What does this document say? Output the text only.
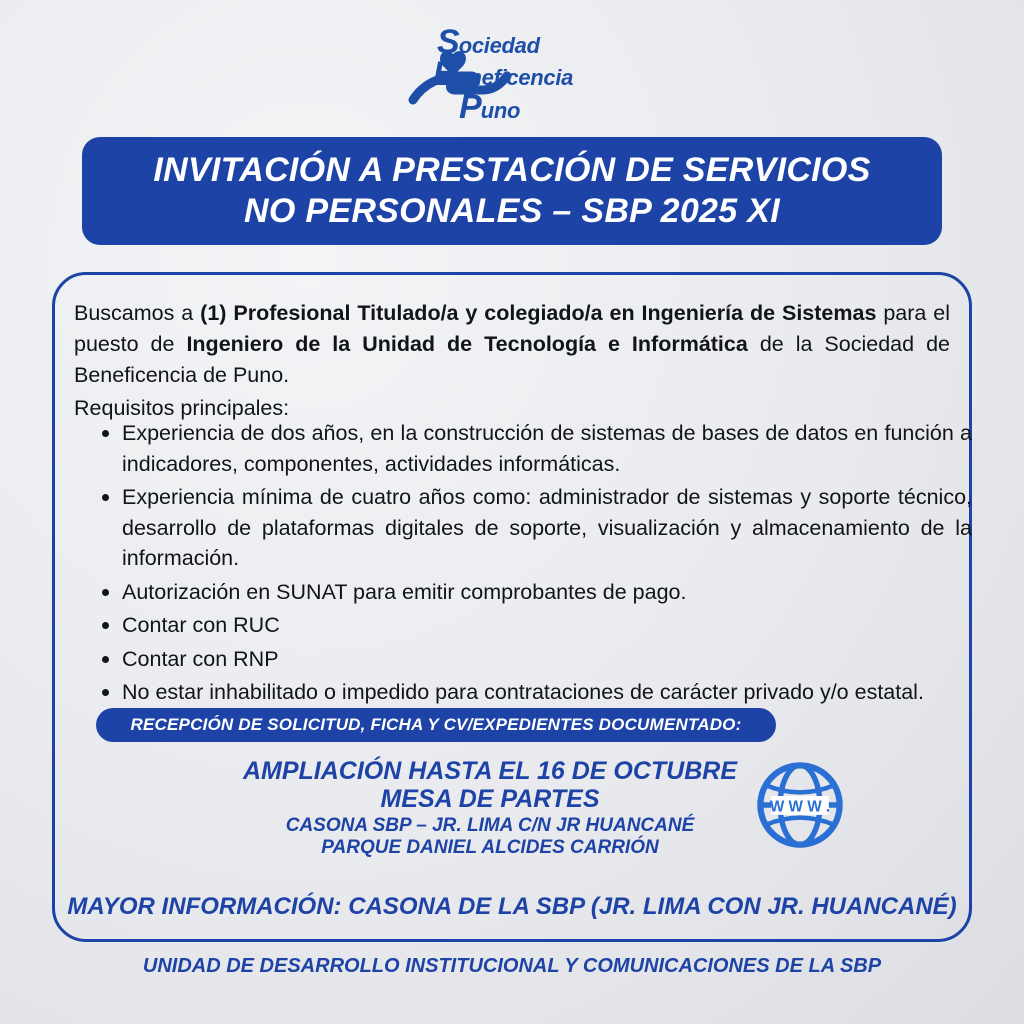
Sociedad
Beneficencia
Puno
INVITACIÓN A PRESTACIÓN DE SERVICIOS
NO PERSONALES – SBP 2025 XI
Buscamos a (1) Profesional Titulado/a y colegiado/a en Ingeniería de Sistemas para el puesto de Ingeniero de la Unidad de Tecnología e Informática de la Sociedad de Beneficencia de Puno.
Requisitos principales:
Experiencia de dos años, en la construcción de sistemas de bases de datos en función a indicadores, componentes, actividades informáticas.
Experiencia mínima de cuatro años como: administrador de sistemas y soporte técnico, desarrollo de plataformas digitales de soporte, visualización y almacenamiento de la información.
Autorización en SUNAT para emitir comprobantes de pago.
Contar con RUC
Contar con RNP
No estar inhabilitado o impedido para contrataciones de carácter privado y/o estatal.
RECEPCIÓN DE SOLICITUD, FICHA Y CV/EXPEDIENTES DOCUMENTADO:
AMPLIACIÓN HASTA EL 16 DE OCTUBRE
MESA DE PARTES
CASONA SBP – JR. LIMA C/N JR HUANCANÉ
PARQUE DANIEL ALCIDES CARRIÓN
W W W .
MAYOR INFORMACIÓN: CASONA DE LA SBP (JR. LIMA CON JR. HUANCANÉ)
UNIDAD DE DESARROLLO INSTITUCIONAL Y COMUNICACIONES DE LA SBP
